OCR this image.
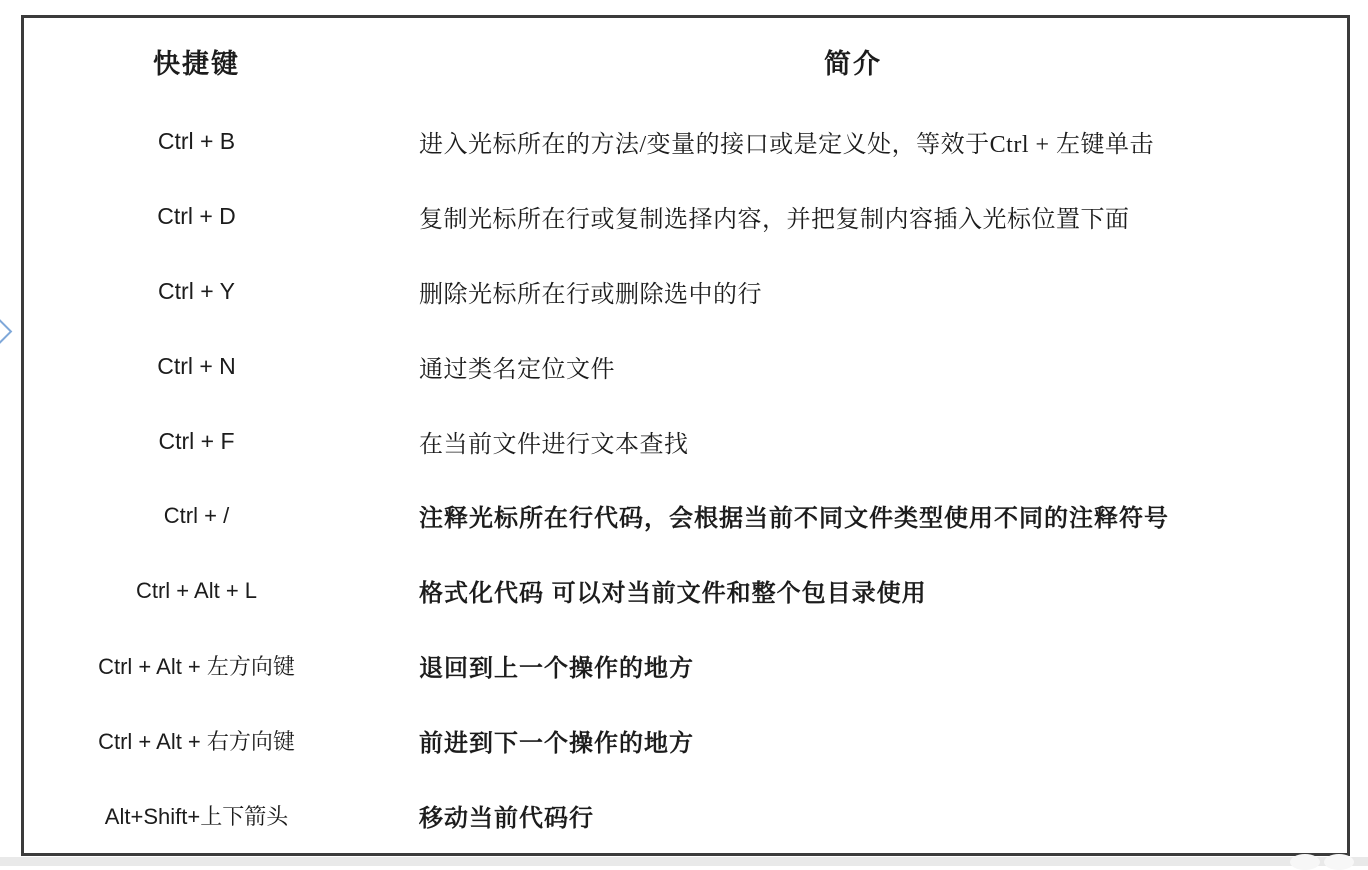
快捷键	简介
Ctrl + B	进入光标所在的方法/变量的接口或是定义处，等效于Ctrl + 左键单击
Ctrl + D	复制光标所在行或复制选择内容，并把复制内容插入光标位置下面
Ctrl + Y	删除光标所在行或删除选中的行
Ctrl + N	通过类名定位文件
Ctrl + F	在当前文件进行文本查找
Ctrl + /	注释光标所在行代码，会根据当前不同文件类型使用不同的注释符号
Ctrl + Alt + L	格式化代码 可以对当前文件和整个包目录使用
Ctrl + Alt + 左方向键	退回到上一个操作的地方
Ctrl + Alt + 右方向键	前进到下一个操作的地方
Alt+Shift+上下箭头	移动当前代码行
